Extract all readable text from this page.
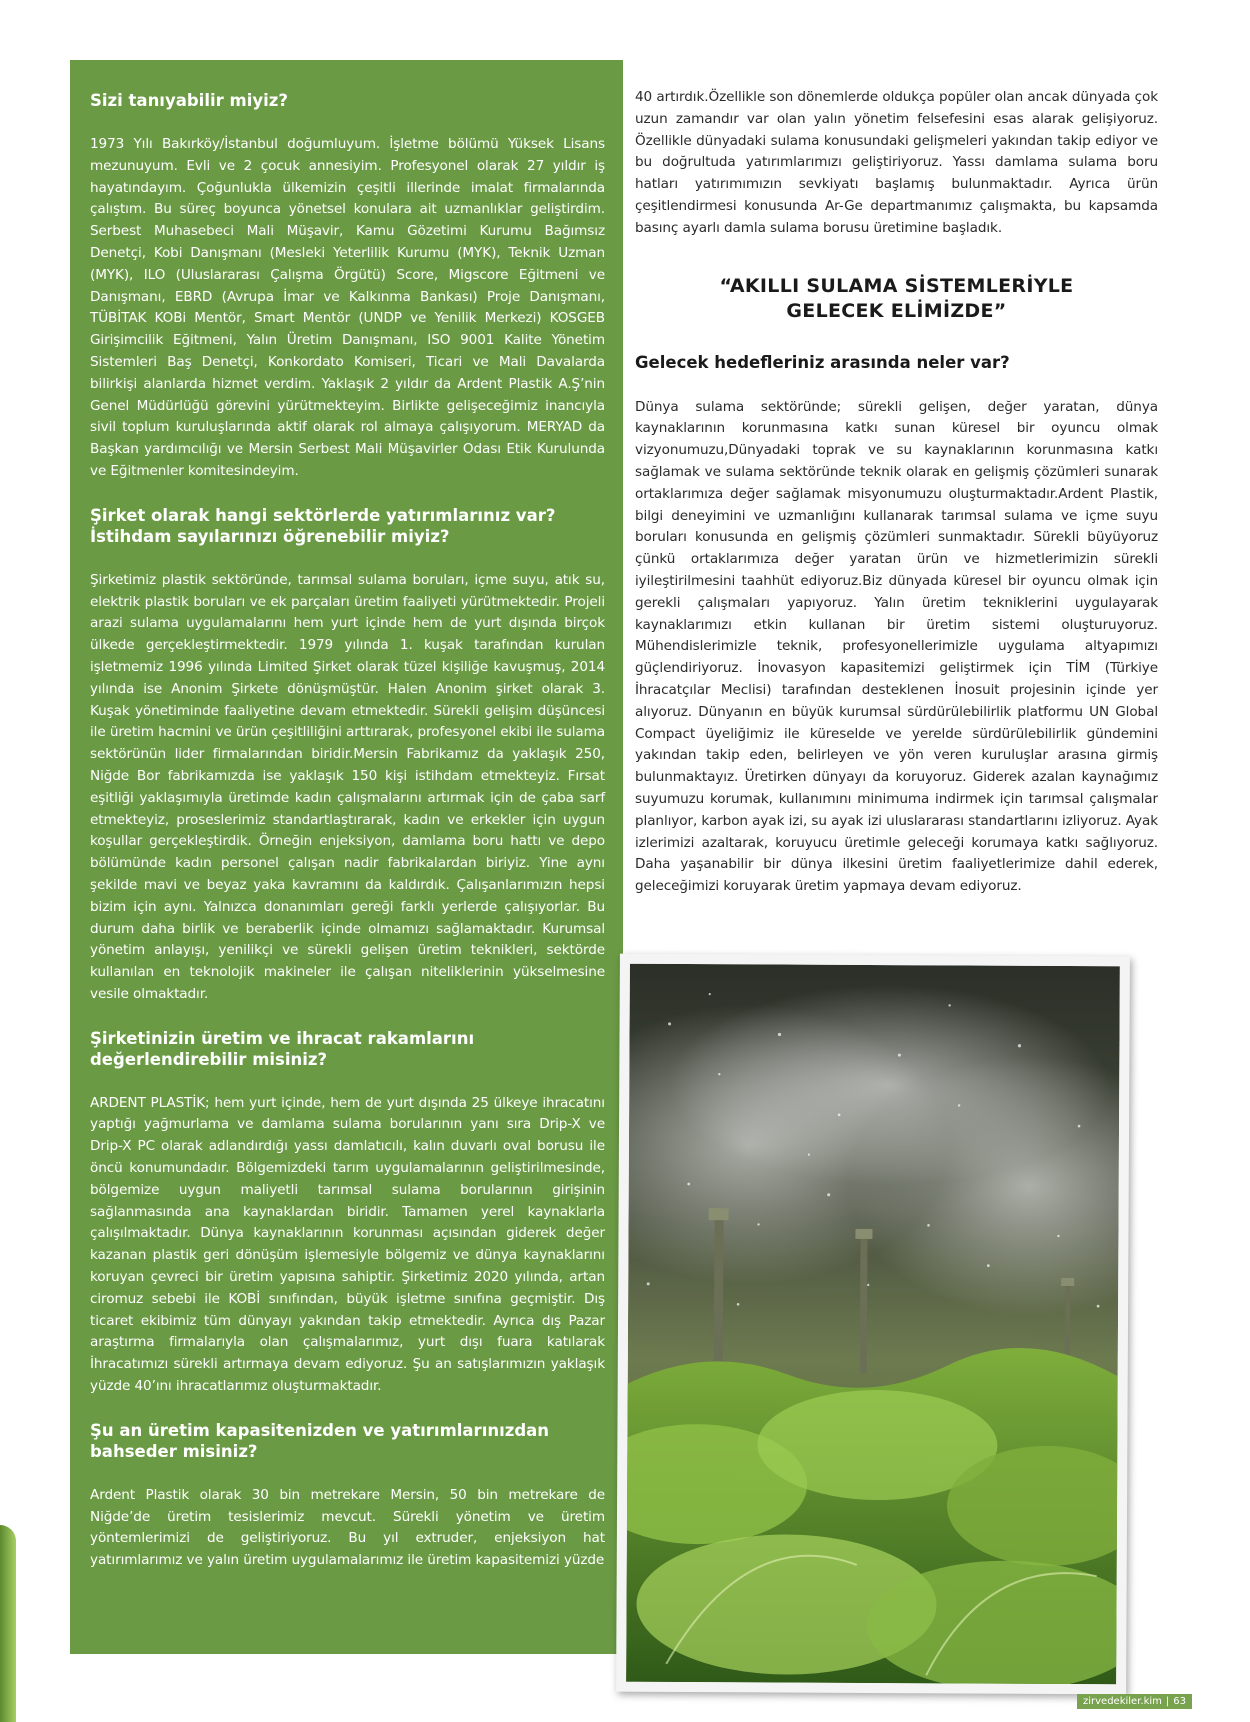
Sizi tanıyabilir miyiz?

1973 Yılı Bakırköy/İstanbul doğumluyum. İşletme bölümü Yüksek Lisans mezunuyum. Evli ve 2 çocuk annesiyim. Profesyonel olarak 27 yıldır iş hayatındayım. Çoğunlukla ülkemizin çeşitli illerinde imalat firmalarında çalıştım. Bu süreç boyunca yönetsel konulara ait uzmanlıklar geliştirdim. Serbest Muhasebeci Mali Müşavir, Kamu Gözetimi Kurumu Bağımsız Denetçi, Kobi Danışmanı (Mesleki Yeterlilik Kurumu (MYK), Teknik Uzman (MYK), ILO (Uluslararası Çalışma Örgütü) Score, Migscore Eğitmeni ve Danışmanı, EBRD (Avrupa İmar ve Kalkınma Bankası) Proje Danışmanı, TÜBİTAK KOBi Mentör, Smart Mentör (UNDP ve Yenilik Merkezi) KOSGEB Girişimcilik Eğitmeni, Yalın Üretim Danışmanı, ISO 9001 Kalite Yönetim Sistemleri Baş Denetçi, Konkordato Komiseri, Ticari ve Mali Davalarda bilirkişi alanlarda hizmet verdim. Yaklaşık 2 yıldır da Ardent Plastik A.Ş’nin Genel Müdürlüğü görevini yürütmekteyim. Birlikte gelişeceğimiz inancıyla sivil toplum kuruluşlarında aktif olarak rol almaya çalışıyorum. MERYAD da Başkan yardımcılığı ve Mersin Serbest Mali Müşavirler Odası Etik Kurulunda ve Eğitmenler komitesindeyim.

Şirket olarak hangi sektörlerde yatırımlarınız var? İstihdam sayılarınızı öğrenebilir miyiz?

Şirketimiz plastik sektöründe, tarımsal sulama boruları, içme suyu, atık su, elektrik plastik boruları ve ek parçaları üretim faaliyeti yürütmektedir. Projeli arazi sulama uygulamalarını hem yurt içinde hem de yurt dışında birçok ülkede gerçekleştirmektedir. 1979 yılında 1. kuşak tarafından kurulan işletmemiz 1996 yılında Limited Şirket olarak tüzel kişiliğe kavuşmuş, 2014 yılında ise Anonim Şirkete dönüşmüştür. Halen Anonim şirket olarak 3. Kuşak yönetiminde faaliyetine devam etmektedir. Sürekli gelişim düşüncesi ile üretim hacmini ve ürün çeşitliliğini arttırarak, profesyonel ekibi ile sulama sektörünün lider firmalarından biridir.Mersin Fabrikamız da yaklaşık 250, Niğde Bor fabrikamızda ise yaklaşık 150 kişi istihdam etmekteyiz. Fırsat eşitliği yaklaşımıyla üretimde kadın çalışmalarını artırmak için de çaba sarf etmekteyiz, proseslerimiz standartlaştırarak, kadın ve erkekler için uygun koşullar gerçekleştirdik. Örneğin enjeksiyon, damlama boru hattı ve depo bölümünde kadın personel çalışan nadir fabrikalardan biriyiz. Yine aynı şekilde mavi ve beyaz yaka kavramını da kaldırdık. Çalışanlarımızın hepsi bizim için aynı. Yalnızca donanımları gereği farklı yerlerde çalışıyorlar. Bu durum daha birlik ve beraberlik içinde olmamızı sağlamaktadır. Kurumsal yönetim anlayışı, yenilikçi ve sürekli gelişen üretim teknikleri, sektörde kullanılan en teknolojik makineler ile çalışan niteliklerinin yükselmesine vesile olmaktadır.

Şirketinizin üretim ve ihracat rakamlarını değerlendirebilir misiniz?

ARDENT PLASTİK; hem yurt içinde, hem de yurt dışında 25 ülkeye ihracatını yaptığı yağmurlama ve damlama sulama borularının yanı sıra Drip-X ve Drip-X PC olarak adlandırdığı yassı damlatıcılı, kalın duvarlı oval borusu ile öncü konumundadır. Bölgemizdeki tarım uygulamalarının geliştirilmesinde, bölgemize uygun maliyetli tarımsal sulama borularının girişinin sağlanmasında ana kaynaklardan biridir. Tamamen yerel kaynaklarla çalışılmaktadır. Dünya kaynaklarının korunması açısından giderek değer kazanan plastik geri dönüşüm işlemesiyle bölgemiz ve dünya kaynaklarını koruyan çevreci bir üretim yapısına sahiptir. Şirketimiz 2020 yılında, artan ciromuz sebebi ile KOBİ sınıfından, büyük işletme sınıfına geçmiştir. Dış ticaret ekibimiz tüm dünyayı yakından takip etmektedir. Ayrıca dış Pazar araştırma firmalarıyla olan çalışmalarımız, yurt dışı fuara katılarak İhracatımızı sürekli artırmaya devam ediyoruz. Şu an satışlarımızın yaklaşık yüzde 40’ını ihracatlarımız oluşturmaktadır.

Şu an üretim kapasitenizden ve yatırımlarınızdan bahseder misiniz?

Ardent Plastik olarak 30 bin metrekare Mersin, 50 bin metrekare de Niğde’de üretim tesislerimiz mevcut. Sürekli yönetim ve üretim yöntemlerimizi de geliştiriyoruz. Bu yıl extruder, enjeksiyon hat yatırımlarımız ve yalın üretim uygulamalarımız ile üretim kapasitemizi yüzde

40 artırdık.Özellikle son dönemlerde oldukça popüler olan ancak dünyada çok uzun zamandır var olan yalın yönetim felsefesini esas alarak gelişiyoruz. Özellikle dünyadaki sulama konusundaki gelişmeleri yakından takip ediyor ve bu doğrultuda yatırımlarımızı geliştiriyoruz. Yassı damlama sulama boru hatları yatırımımızın sevkiyatı başlamış bulunmaktadır. Ayrıca ürün çeşitlendirmesi konusunda Ar-Ge departmanımız çalışmakta, bu kapsamda basınç ayarlı damla sulama borusu üretimine başladık.

“AKILLI SULAMA SİSTEMLERİYLE
GELECEK ELİMİZDE”
Gelecek hedefleriniz arasında neler var?

Dünya sulama sektöründe; sürekli gelişen, değer yaratan, dünya kaynaklarının korunmasına katkı sunan küresel bir oyuncu olmak vizyonumuzu,Dünyadaki toprak ve su kaynaklarının korunmasına katkı sağlamak ve sulama sektöründe teknik olarak en gelişmiş çözümleri sunarak ortaklarımıza değer sağlamak misyonumuzu oluşturmaktadır.Ardent Plastik, bilgi deneyimini ve uzmanlığını kullanarak tarımsal sulama ve içme suyu boruları konusunda en gelişmiş çözümleri sunmaktadır. Sürekli büyüyoruz çünkü ortaklarımıza değer yaratan ürün ve hizmetlerimizin sürekli iyileştirilmesini taahhüt ediyoruz.Biz dünyada küresel bir oyuncu olmak için gerekli çalışmaları yapıyoruz. Yalın üretim tekniklerini uygulayarak kaynaklarımızı etkin kullanan bir üretim sistemi oluşturuyoruz. Mühendislerimizle teknik, profesyonellerimizle uygulama altyapımızı güçlendiriyoruz. İnovasyon kapasitemizi geliştirmek için TİM (Türkiye İhracatçılar Meclisi) tarafından desteklenen İnosuit projesinin içinde yer alıyoruz. Dünyanın en büyük kurumsal sürdürülebilirlik platformu UN Global Compact üyeliğimiz ile küreselde ve yerelde sürdürülebilirlik gündemini yakından takip eden, belirleyen ve yön veren kuruluşlar arasına girmiş bulunmaktayız. Üretirken dünyayı da koruyoruz. Giderek azalan kaynağımız suyumuzu korumak, kullanımını minimuma indirmek için tarımsal çalışmalar planlıyor, karbon ayak izi, su ayak izi uluslararası standartlarını izliyoruz. Ayak izlerimizi azaltarak, koruyucu üretimle geleceği korumaya katkı sağlıyoruz. Daha yaşanabilir bir dünya ilkesini üretim faaliyetlerimize dahil ederek, geleceğimizi koruyarak üretim yapmaya devam ediyoruz.

zirvedekiler.kim | 63
